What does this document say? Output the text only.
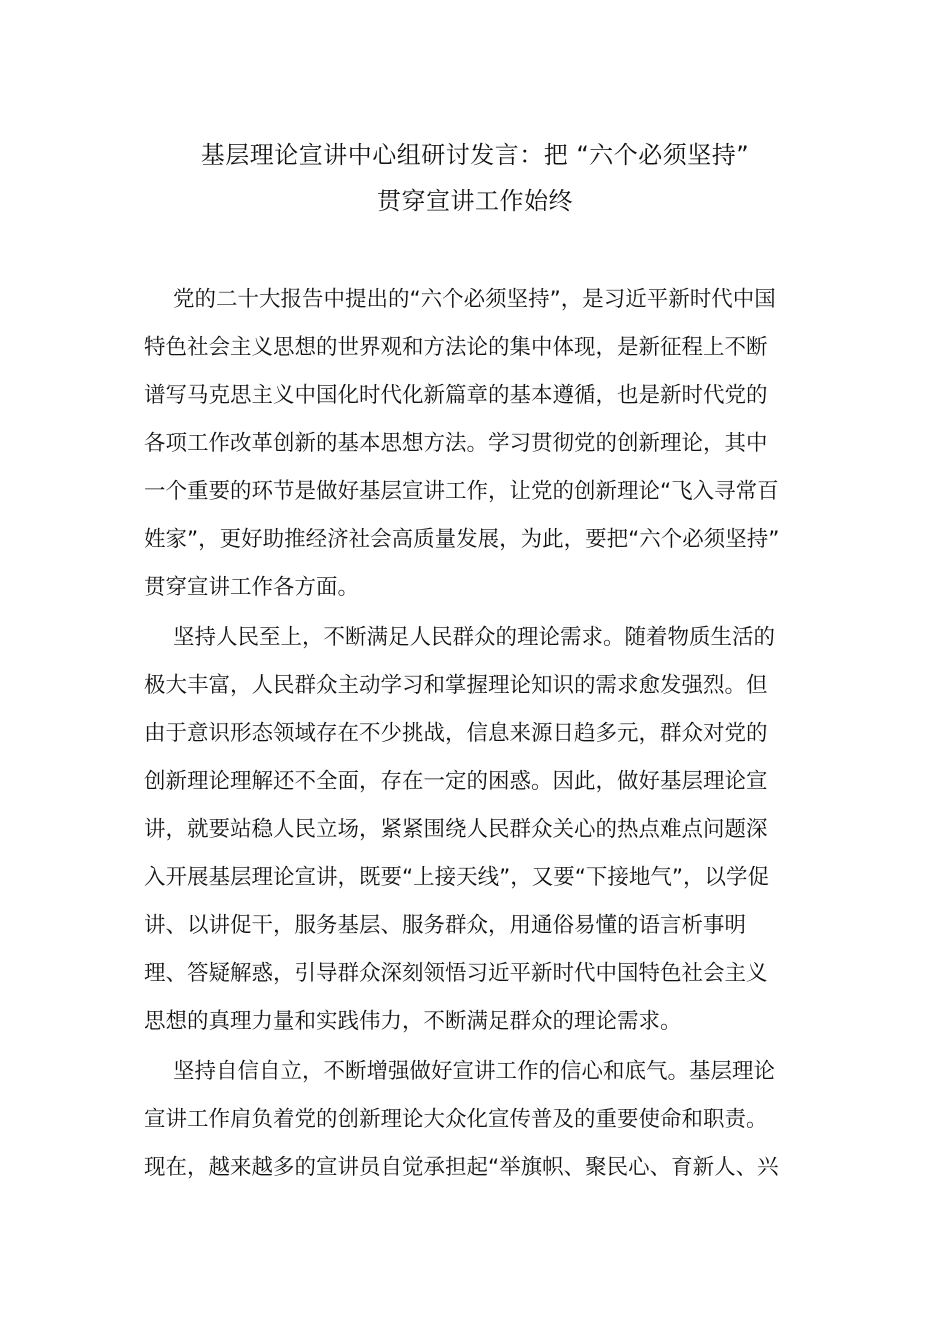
基层理论宣讲中心组研讨发言：把 “六个必须坚持”
贯穿宣讲工作始终
党的二十大报告中提出的“六个必须坚持”，是习近平新时代中国
特色社会主义思想的世界观和方法论的集中体现，是新征程上不断
谱写马克思主义中国化时代化新篇章的基本遵循，也是新时代党的
各项工作改革创新的基本思想方法。学习贯彻党的创新理论，其中
一个重要的环节是做好基层宣讲工作，让党的创新理论“飞入寻常百
姓家”，更好助推经济社会高质量发展，为此，要把“六个必须坚持”
贯穿宣讲工作各方面。
坚持人民至上，不断满足人民群众的理论需求。随着物质生活的
极大丰富，人民群众主动学习和掌握理论知识的需求愈发强烈。但
由于意识形态领域存在不少挑战，信息来源日趋多元，群众对党的
创新理论理解还不全面，存在一定的困惑。因此，做好基层理论宣
讲，就要站稳人民立场，紧紧围绕人民群众关心的热点难点问题深
入开展基层理论宣讲，既要“上接天线”，又要“下接地气”，以学促
讲、以讲促干，服务基层、服务群众，用通俗易懂的语言析事明
理、答疑解惑，引导群众深刻领悟习近平新时代中国特色社会主义
思想的真理力量和实践伟力，不断满足群众的理论需求。
坚持自信自立，不断增强做好宣讲工作的信心和底气。基层理论
宣讲工作肩负着党的创新理论大众化宣传普及的重要使命和职责。
现在，越来越多的宣讲员自觉承担起“举旗帜、聚民心、育新人、兴
